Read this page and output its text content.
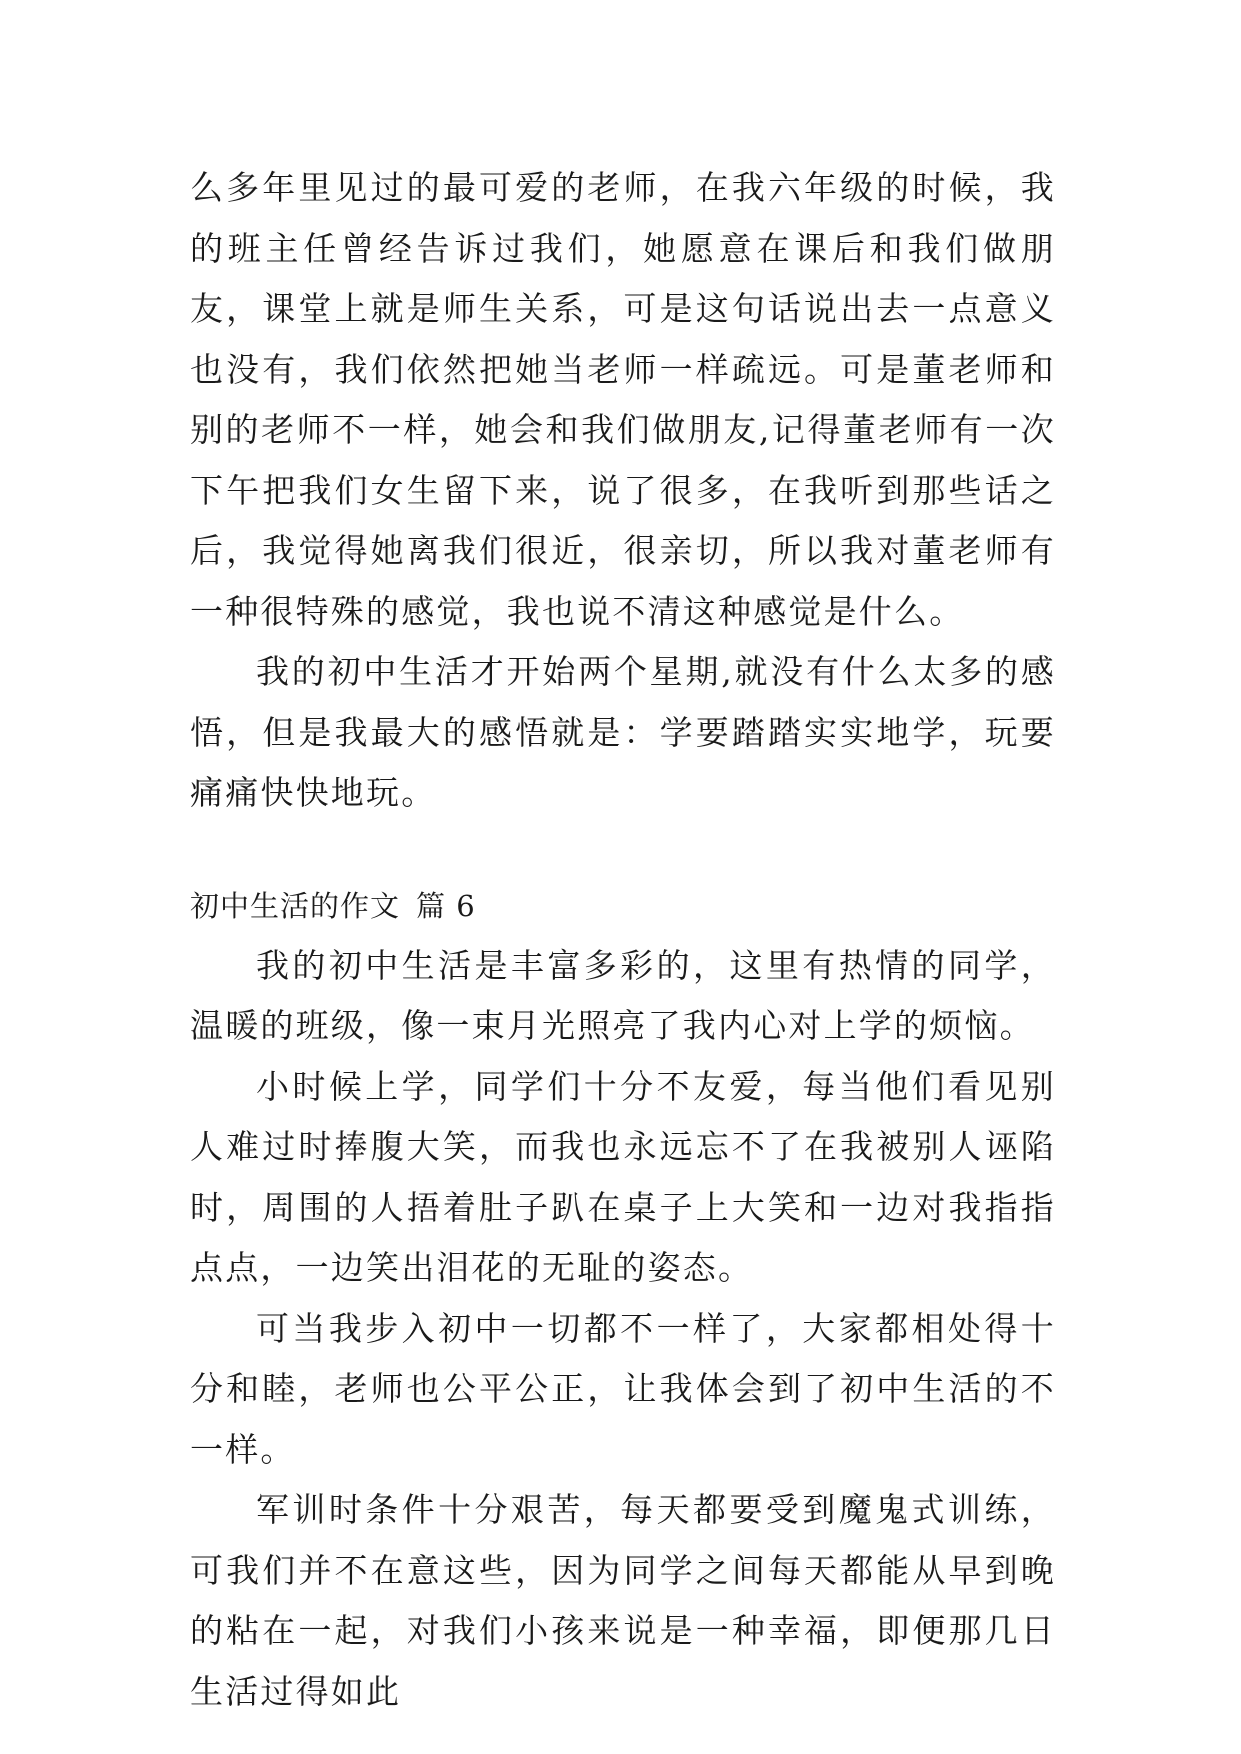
么多年里见过的最可爱的老师，在我六年级的时候，我的班主任曾经告诉过我们，她愿意在课后和我们做朋友，课堂上就是师生关系，可是这句话说出去一点意义也没有，我们依然把她当老师一样疏远。可是董老师和别的老师不一样，她会和我们做朋友,记得董老师有一次下午把我们女生留下来，说了很多，在我听到那些话之后，我觉得她离我们很近，很亲切，所以我对董老师有一种很特殊的感觉，我也说不清这种感觉是什么。

我的初中生活才开始两个星期,就没有什么太多的感悟，但是我最大的感悟就是：学要踏踏实实地学，玩要痛痛快快地玩。

初中生活的作文 篇 6

我的初中生活是丰富多彩的，这里有热情的同学，温暖的班级，像一束月光照亮了我内心对上学的烦恼。

小时候上学，同学们十分不友爱，每当他们看见别人难过时捧腹大笑，而我也永远忘不了在我被别人诬陷时，周围的人捂着肚子趴在桌子上大笑和一边对我指指点点，一边笑出泪花的无耻的姿态。

可当我步入初中一切都不一样了，大家都相处得十分和睦，老师也公平公正，让我体会到了初中生活的不一样。

军训时条件十分艰苦，每天都要受到魔鬼式训练，可我们并不在意这些，因为同学之间每天都能从早到晚的粘在一起，对我们小孩来说是一种幸福，即便那几日生活过得如此
